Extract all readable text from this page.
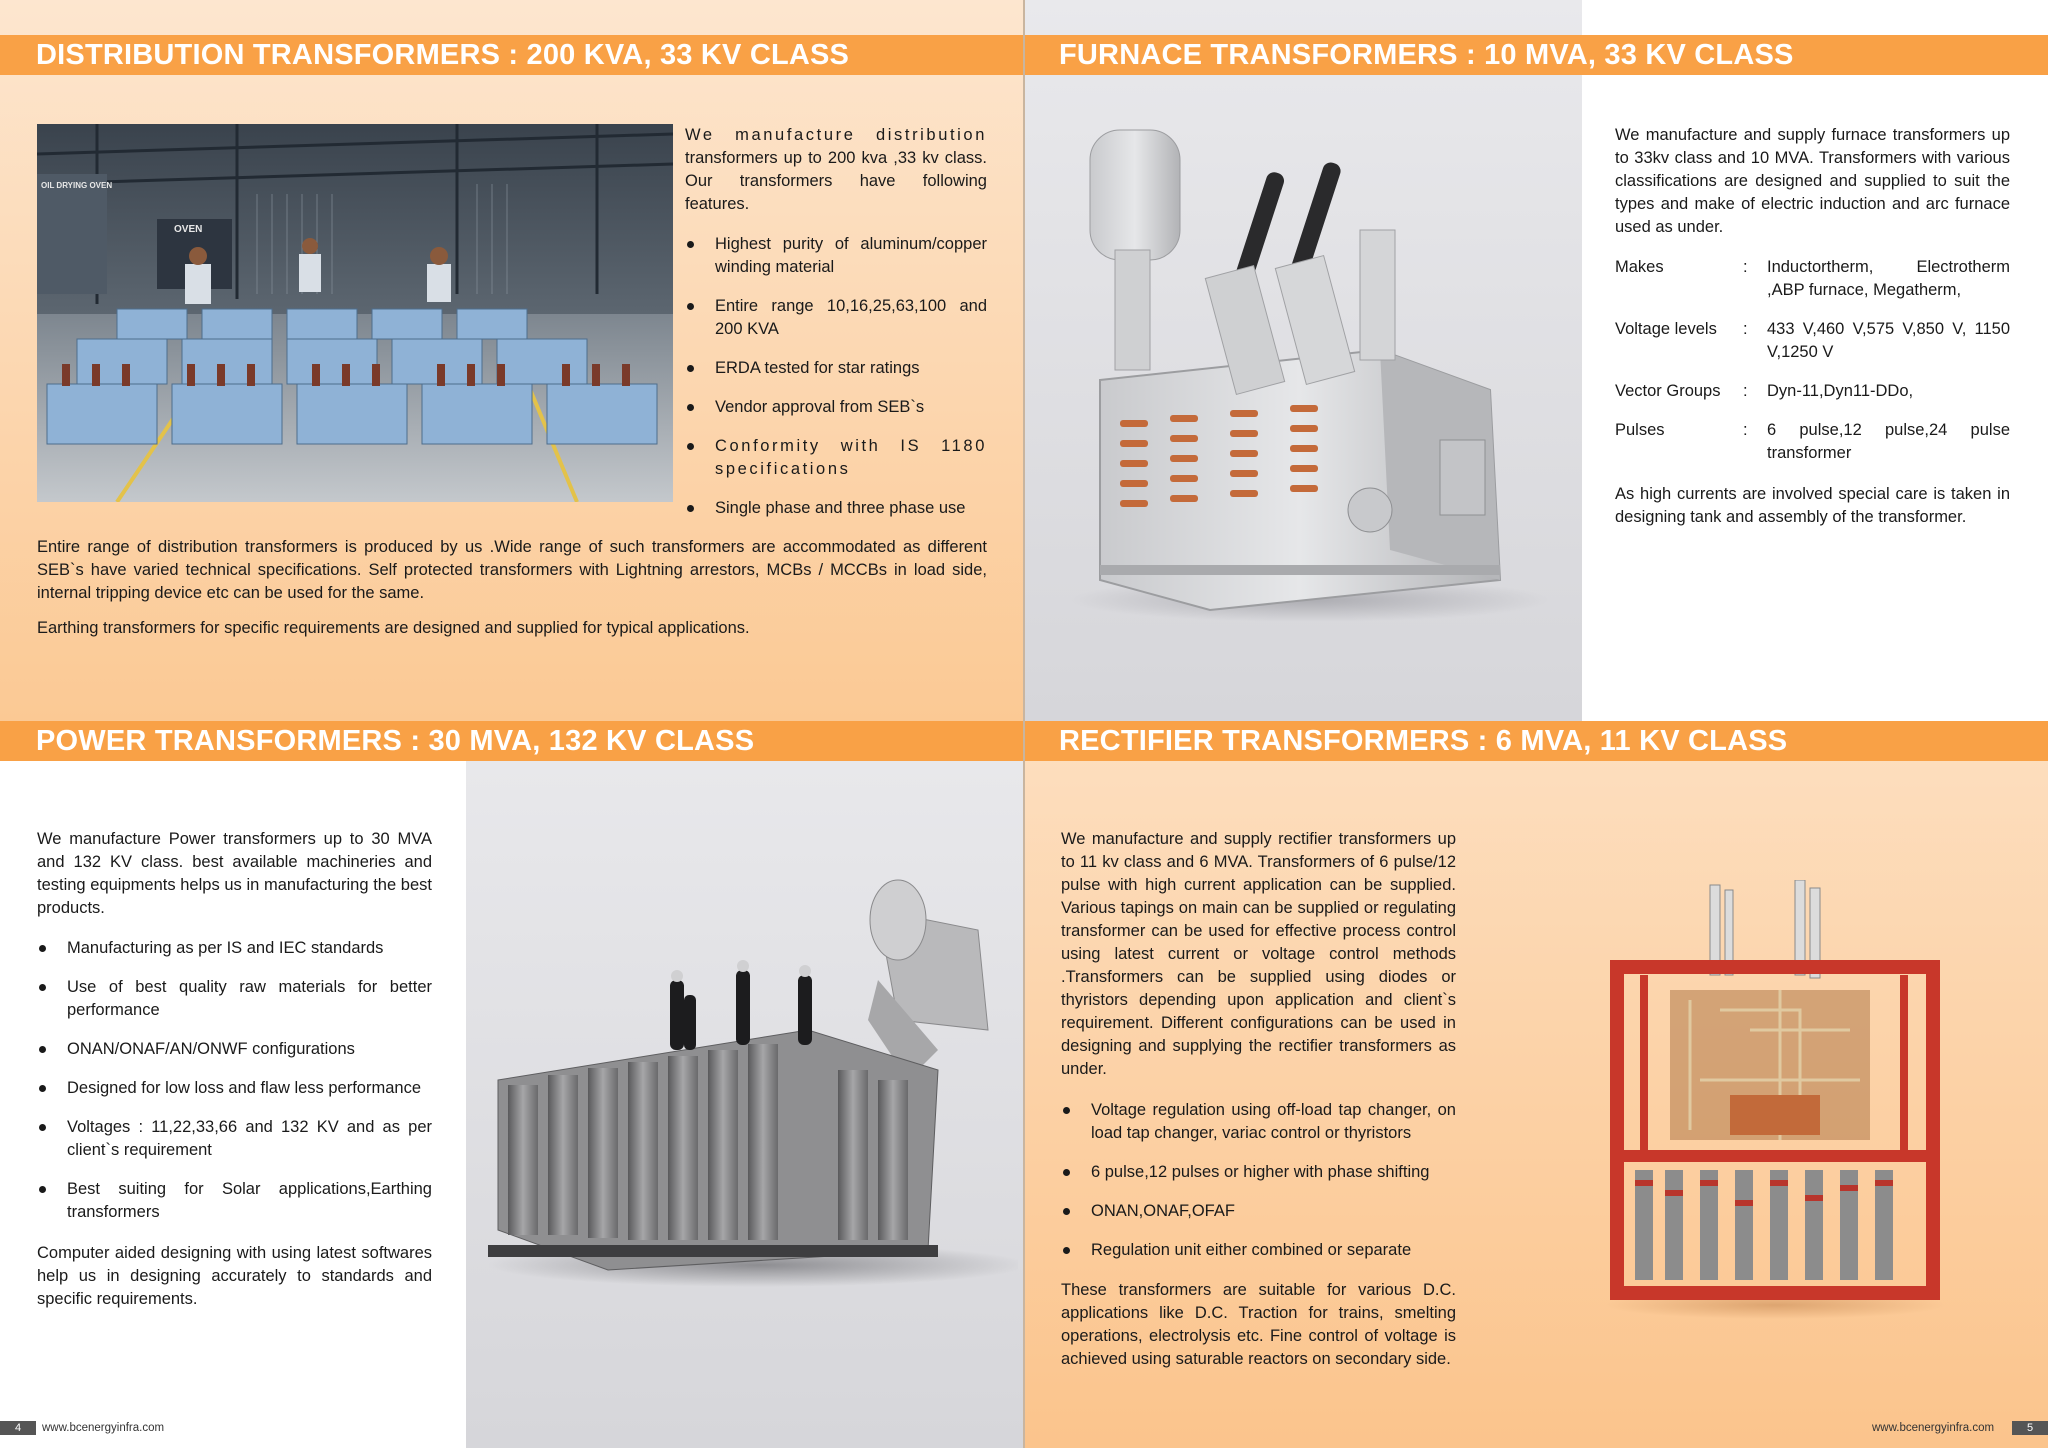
DISTRIBUTION TRANSFORMERS : 200 KVA, 33 KV CLASS	FURNACE TRANSFORMERS : 10 MVA, 33 KV CLASS
POWER TRANSFORMERS : 30 MVA, 132 KV CLASS	RECTIFIER TRANSFORMERS : 6 MVA, 11 KV CLASS
OIL DRYING OVEN
OVEN
We manufacture distribution
transformers up to 200 kva ,33 kv class. Our transformers have following features.
Highest purity of aluminum/copper winding material
Entire range 10,16,25,63,100 and 200 KVA
ERDA tested for star ratings
Vendor approval from SEB`s
Conformity with IS 1180 specifications
Single phase and three phase use
Entire range of distribution transformers is produced by us .Wide range of such transformers are accommodated as different SEB`s have varied technical specifications. Self protected transformers with Lightning arrestors, MCBs / MCCBs in load side, internal tripping device etc can be used for the same.
Earthing transformers for specific requirements are designed and supplied for typical applications.
We manufacture and supply furnace transformers up to 33kv class and 10 MVA. Transformers with various classifications are designed and supplied to suit the types and make of electric induction and arc furnace used as under.
Makes	:	Inductortherm, Electrotherm ,ABP furnace, Megatherm,
Voltage levels	:	433 V,460 V,575 V,850 V, 1150 V,1250 V
Vector Groups	:	Dyn-11,Dyn11-DDo,
Pulses	:	6 pulse,12 pulse,24 pulse transformer
As high currents are involved special care is taken in designing tank and assembly of the transformer.
We manufacture Power transformers up to 30 MVA and 132 KV class. best available machineries and testing equipments helps us in manufacturing the best products.
Manufacturing as per IS and IEC standards
Use of best quality raw materials for better performance
ONAN/ONAF/AN/ONWF configurations
Designed for low loss and flaw less performance
Voltages : 11,22,33,66 and 132 KV and as per client`s requirement
Best suiting for Solar applications,Earthing transformers
Computer aided designing with using latest softwares help us in designing accurately to standards and specific requirements.
We manufacture and supply rectifier transformers up to 11 kv class and 6 MVA. Transformers of 6 pulse/12 pulse with high current application can be supplied. Various tapings on main can be supplied or regulating transformer can be used for effective process control using latest current or voltage control methods .Transformers can be supplied using diodes or thyristors depending upon application and client`s requirement. Different configurations can be used in designing and supplying the rectifier transformers as under.
Voltage regulation using off-load tap changer, on load tap changer, variac control or thyristors
6 pulse,12 pulses or higher with phase shifting
ONAN,ONAF,OFAF
Regulation unit either combined or separate
These transformers are suitable for various D.C. applications like D.C. Traction for trains, smelting operations, electrolysis etc. Fine control of voltage is achieved using saturable reactors on secondary side.
4	www.bcenergyinfra.com	www.bcenergyinfra.com	5
